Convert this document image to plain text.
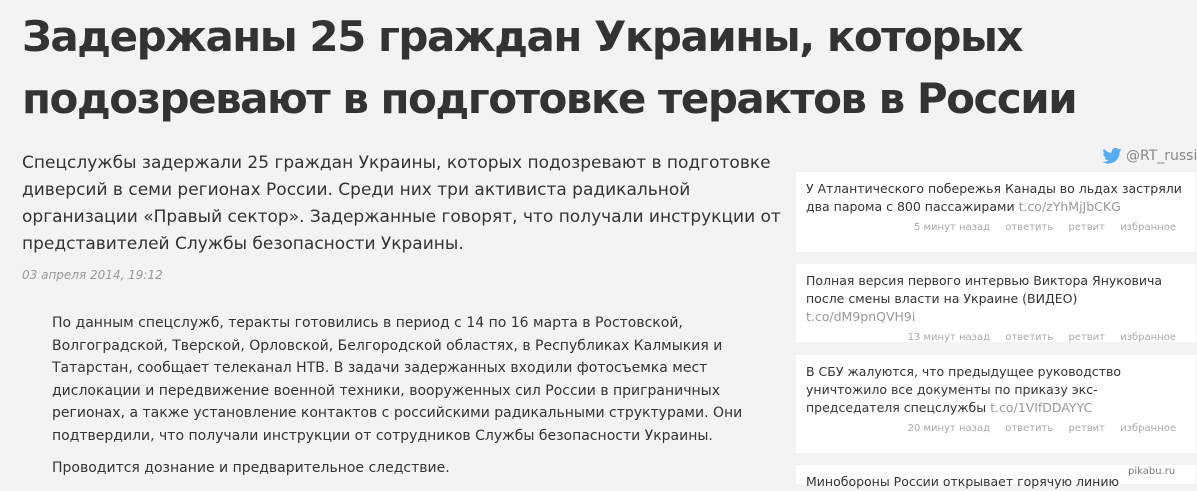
Задержаны 25 граждан Украины, которых подозревают в подготовке терактов в России

Спецслужбы задержали 25 граждан Украины, которых подозревают в подготовке диверсий в семи регионах России. Среди них три активиста радикальной организации «Правый сектор». Задержанные говорят, что получали инструкции от представителей Службы безопасности Украины.

03 апреля 2014, 19:12

По данным спецслужб, теракты готовились в период с 14 по 16 марта в Ростовской, Волгоградской, Тверской, Орловской, Белгородской областях, в Республиках Калмыкия и Татарстан, сообщает телеканал НТВ. В задачи задержанных входили фотосъемка мест дислокации и передвижение военной техники, вооруженных сил России в приграничных регионах, а также установление контактов с российскими радикальными структурами. Они подтвердили, что получали инструкции от сотрудников Службы безопасности Украины.

Проводится дознание и предварительное следствие.

@RT_russi
У Атлантического побережья Канады во льдах застряли два парома с 800 пассажирами t.co/zYhMjJbCKG
5 минут назад ответить ретвит избранное
Полная версия первого интервью Виктора Януковича после смены власти на Украине (ВИДЕО) t.co/dM9pnQVH9i
13 минут назад ответить ретвит избранное
В СБУ жалуются, что предыдущее руководство уничтожило все документы по приказу экс-председателя спецслужбы t.co/1VIfDDAYYC
20 минут назад ответить ретвит избранное
Минобороны России открывает горячую линию
pikabu.ru
